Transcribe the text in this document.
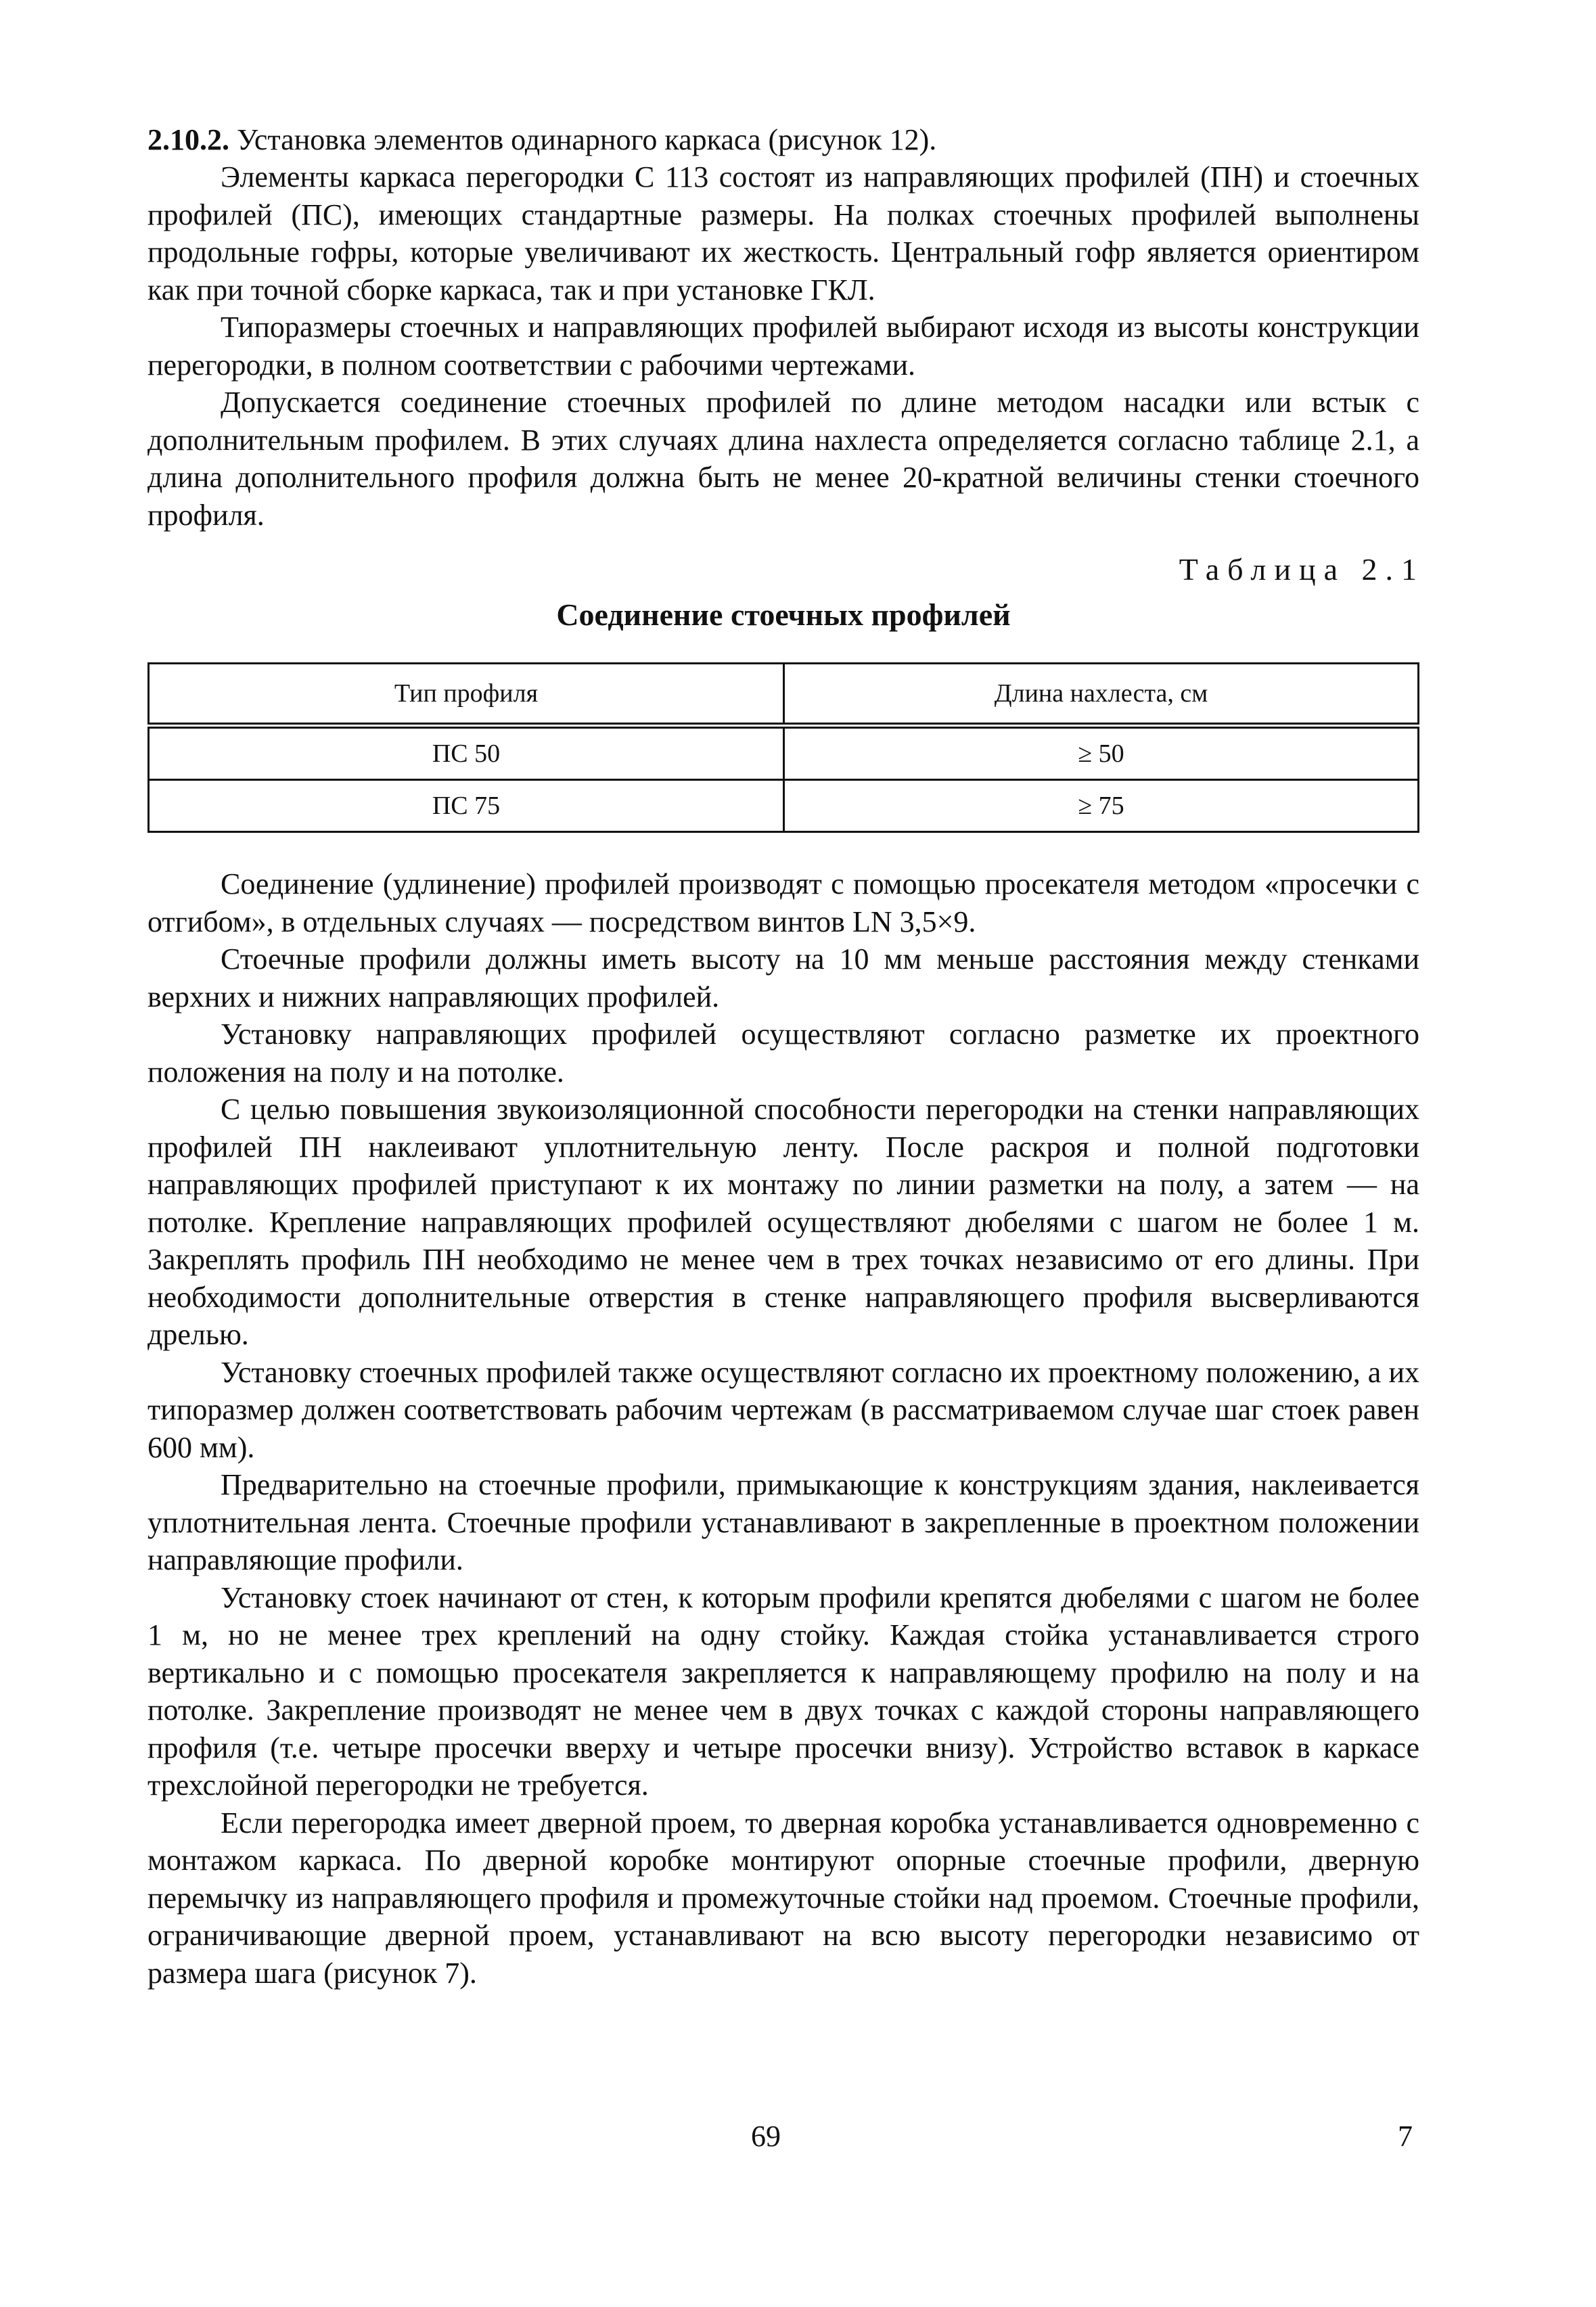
2.10.2. Установка элементов одинарного каркаса (рисунок 12).

Элементы каркаса перегородки С 113 состоят из направляющих профилей (ПН) и стоечных профилей (ПС), имеющих стандартные размеры. На полках стоечных профилей выполнены продольные гофры, которые увеличивают их жесткость. Центральный гофр является ориентиром как при точной сборке каркаса, так и при установке ГКЛ.

Типоразмеры стоечных и направляющих профилей выбирают исходя из высоты конструкции перегородки, в полном соответствии с рабочими чертежами.

Допускается соединение стоечных профилей по длине методом насадки или встык с дополнительным профилем. В этих случаях длина нахлеста определяется согласно таблице 2.1, а длина дополнительного профиля должна быть не менее 20-кратной величины стенки стоечного профиля.

Таблица 2.1
Соединение стоечных профилей
Тип профиля	Длина нахлеста, см
ПС 50	≥ 50
ПС 75	≥ 75

Соединение (удлинение) профилей производят с помощью просекателя методом «просечки с отгибом», в отдельных случаях — посредством винтов LN 3,5×9.

Стоечные профили должны иметь высоту на 10 мм меньше расстояния между стенками верхних и нижних направляющих профилей.

Установку направляющих профилей осуществляют согласно разметке их проектного положения на полу и на потолке.

С целью повышения звукоизоляционной способности перегородки на стенки направляющих профилей ПН наклеивают уплотнительную ленту. После раскроя и полной подготовки направляющих профилей приступают к их монтажу по линии разметки на полу, а затем — на потолке. Крепление направляющих профилей осуществляют дюбелями с шагом не более 1 м. Закреплять профиль ПН необходимо не менее чем в трех точках независимо от его длины. При необходимости дополнительные отверстия в стенке направляющего профиля высверливаются дрелью.

Установку стоечных профилей также осуществляют согласно их проектному положению, а их типоразмер должен соответствовать рабочим чертежам (в рассматриваемом случае шаг стоек равен 600 мм).

Предварительно на стоечные профили, примыкающие к конструкциям здания, наклеивается уплотнительная лента. Стоечные профили устанавливают в закрепленные в проектном положении направляющие профили.

Установку стоек начинают от стен, к которым профили крепятся дюбелями с шагом не более 1 м, но не менее трех креплений на одну стойку. Каждая стойка устанавливается строго вертикально и с помощью просекателя закрепляется к направляющему профилю на полу и на потолке. Закрепление производят не менее чем в двух точках с каждой стороны направляющего профиля (т.е. четыре просечки вверху и четыре просечки внизу). Устройство вставок в каркасе трехслойной перегородки не требуется.

Если перегородка имеет дверной проем, то дверная коробка устанавливается одновременно с монтажом каркаса. По дверной коробке монтируют опорные стоечные профили, дверную перемычку из направляющего профиля и промежуточные стойки над проемом. Стоечные профили, ограничивающие дверной проем, устанавливают на всю высоту перегородки независимо от размера шага (рисунок 7).

69	7
